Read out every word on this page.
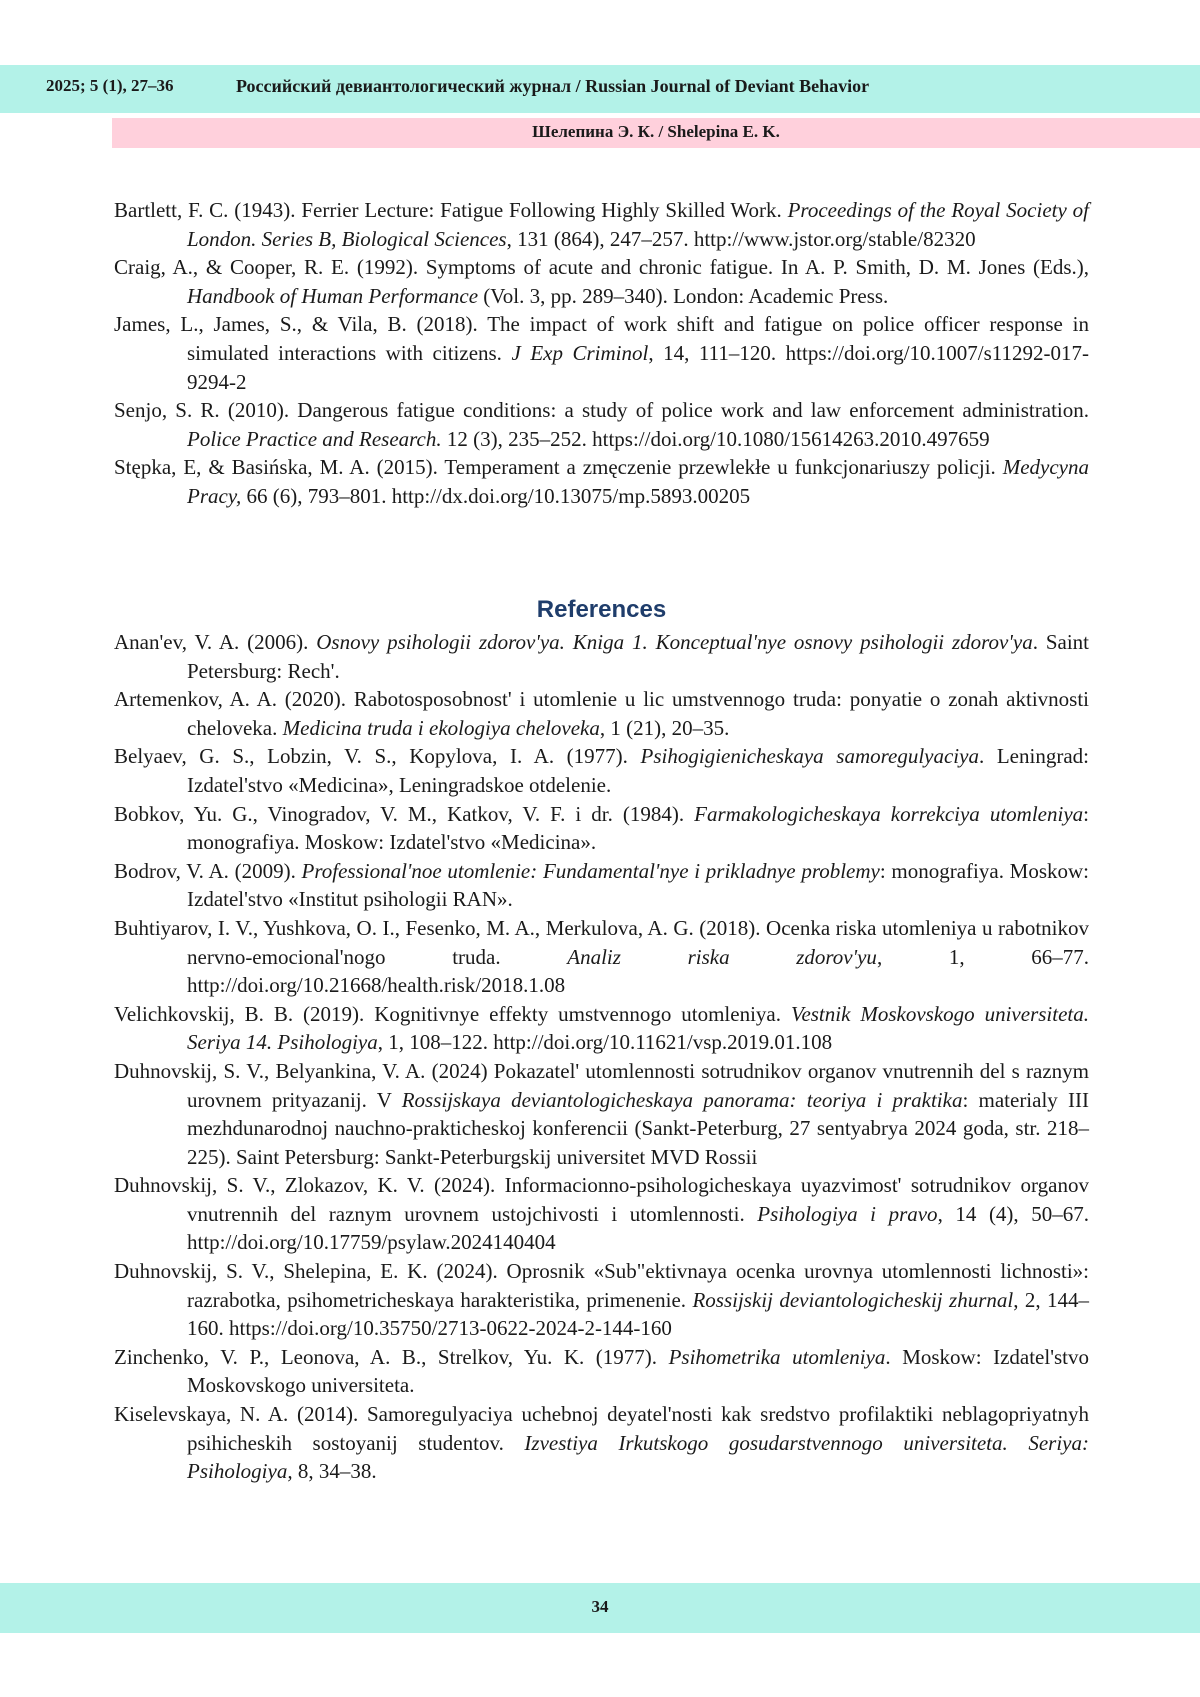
2025; 5 (1), 27–36	Российский девиантологический журнал / Russian Journal of Deviant Behavior
Шелепина Э. К. / Shelepina E. K.

Bartlett, F. C. (1943). Ferrier Lecture: Fatigue Following Highly Skilled Work. Proceedings of the Royal Society of London. Series B, Biological Sciences, 131 (864), 247–257. http://www.jstor.org/stable/82320

Craig, A., & Cooper, R. E. (1992). Symptoms of acute and chronic fatigue. In A. P. Smith, D. M. Jones (Eds.), Handbook of Human Performance (Vol. 3, pp. 289–340). London: Academic Press.

James, L., James, S., & Vila, B. (2018). The impact of work shift and fatigue on police officer response in simulated interactions with citizens. J Exp Criminol, 14, 111–120. https://doi.org/10.1007/s11292-017-9294-2

Senjo, S. R. (2010). Dangerous fatigue conditions: a study of police work and law enforcement administration. Police Practice and Research. 12 (3), 235–252. https://doi.org/10.1080/15614263.2010.497659

Stępka, E, & Basińska, M. A. (2015). Temperament a zmęczenie przewlekłe u funkcjonariuszy policji. Medycyna Pracy, 66 (6), 793–801. http://dx.doi.org/10.13075/mp.5893.00205

References

Anan'ev, V. A. (2006). Osnovy psihologii zdorov'ya. Kniga 1. Konceptual'nye osnovy psihologii zdorov'ya. Saint Petersburg: Rech'.

Artemenkov, A. A. (2020). Rabotosposobnost' i utomlenie u lic umstvennogo truda: ponyatie o zonah aktivnosti cheloveka. Medicina truda i ekologiya cheloveka, 1 (21), 20–35.

Belyaev, G. S., Lobzin, V. S., Kopylova, I. A. (1977). Psihogigienicheskaya samoregulyaciya. Leningrad: Izdatel'stvo «Medicina», Leningradskoe otdelenie.

Bobkov, Yu. G., Vinogradov, V. M., Katkov, V. F. i dr. (1984). Farmakologicheskaya korrekciya utomleniya: monografiya. Moskow: Izdatel'stvo «Medicina».

Bodrov, V. A. (2009). Professional'noe utomlenie: Fundamental'nye i prikladnye problemy: monografiya. Moskow: Izdatel'stvo «Institut psihologii RAN».

Buhtiyarov, I. V., Yushkova, O. I., Fesenko, M. A., Merkulova, A. G. (2018). Ocenka riska utomleniya u rabotnikov nervno-emocional'nogo truda. Analiz riska zdorov'yu, 1, 66–77. http://doi.org/10.21668/health.risk/2018.1.08

Velichkovskij, B. B. (2019). Kognitivnye effekty umstvennogo utomleniya. Vestnik Moskovskogo universiteta. Seriya 14. Psihologiya, 1, 108–122. http://doi.org/10.11621/vsp.2019.01.108

Duhnovskij, S. V., Belyankina, V. A. (2024) Pokazatel' utomlennosti sotrudnikov organov vnutrennih del s raznym urovnem prityazanij. V Rossijskaya deviantologicheskaya panorama: teoriya i praktika: materialy III mezhdunarodnoj nauchno-prakticheskoj konferencii (Sankt-Peterburg, 27 sentyabrya 2024 goda, str. 218–225). Saint Petersburg: Sankt-Peterburgskij universitet MVD Rossii

Duhnovskij, S. V., Zlokazov, K. V. (2024). Informacionno-psihologicheskaya uyazvimost' sotrudnikov organov vnutrennih del raznym urovnem ustojchivosti i utomlennosti. Psihologiya i pravo, 14 (4), 50–67. http://doi.org/10.17759/psylaw.2024140404

Duhnovskij, S. V., Shelepina, E. K. (2024). Oprosnik «Sub"ektivnaya ocenka urovnya utomlennosti lichnosti»: razrabotka, psihometricheskaya harakteristika, primenenie. Rossijskij deviantologicheskij zhurnal, 2, 144–160. https://doi.org/10.35750/2713-0622-2024-2-144-160

Zinchenko, V. P., Leonova, A. B., Strelkov, Yu. K. (1977). Psihometrika utomleniya. Moskow: Izdatel'stvo Moskovskogo universiteta.

Kiselevskaya, N. A. (2014). Samoregulyaciya uchebnoj deyatel'nosti kak sredstvo profilaktiki neblagopriyatnyh psihicheskih sostoyanij studentov. Izvestiya Irkutskogo gosudarstvennogo universiteta. Seriya: Psihologiya, 8, 34–38.

34
